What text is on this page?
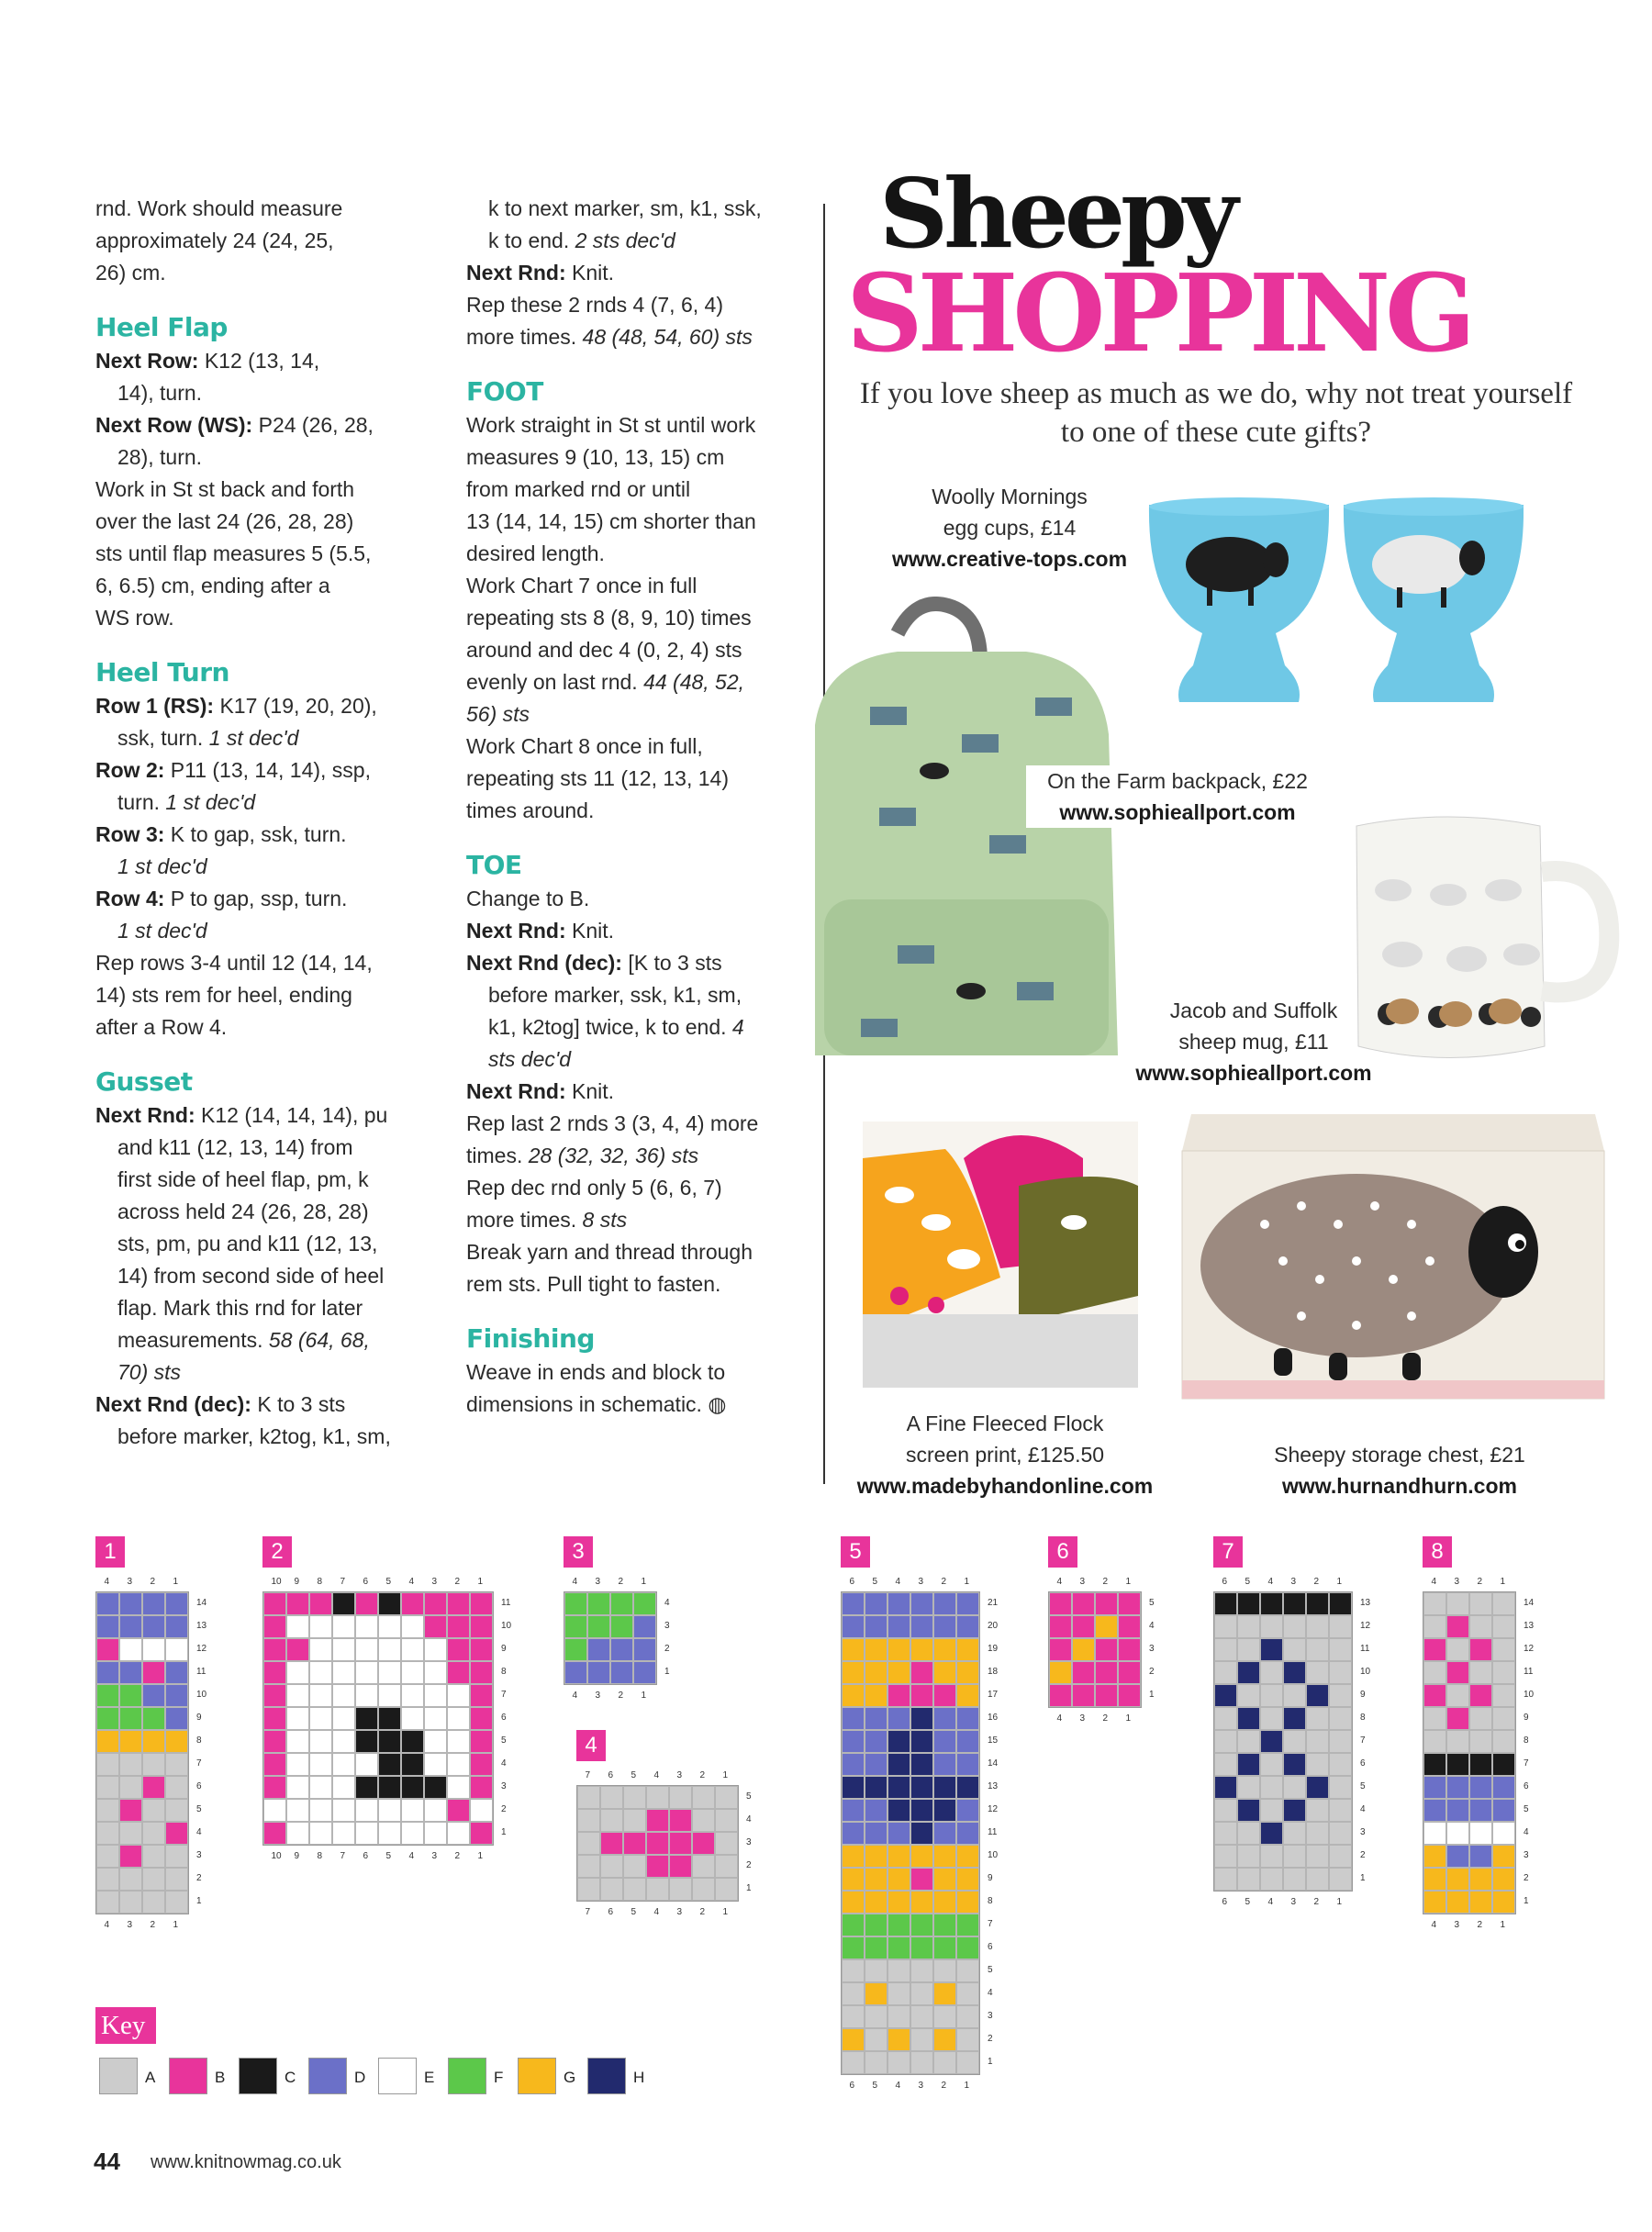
rnd. Work should measure
approximately 24 (24, 25,
26) cm.
Heel Flap
Next Row: K12 (13, 14,
14), turn.
Next Row (WS): P24 (26, 28,
28), turn.
Work in St st back and forth
over the last 24 (26, 28, 28)
sts until flap measures 5 (5.5,
6, 6.5) cm, ending after a
WS row.
Heel Turn
Row 1 (RS): K17 (19, 20, 20),
ssk, turn. 1 st dec'd
Row 2: P11 (13, 14, 14), ssp,
turn. 1 st dec'd
Row 3: K to gap, ssk, turn.
1 st dec'd
Row 4: P to gap, ssp, turn.
1 st dec'd
Rep rows 3-4 until 12 (14, 14,
14) sts rem for heel, ending
after a Row 4.
Gusset
Next Rnd: K12 (14, 14, 14), pu
and k11 (12, 13, 14) from
first side of heel flap, pm, k
across held 24 (26, 28, 28)
sts, pm, pu and k11 (12, 13,
14) from second side of heel
flap. Mark this rnd for later
measurements. 58 (64, 68,
70) sts
Next Rnd (dec): K to 3 sts
before marker, k2tog, k1, sm,
k to next marker, sm, k1, ssk,
k to end. 2 sts dec'd
Next Rnd: Knit.
Rep these 2 rnds 4 (7, 6, 4)
more times. 48 (48, 54, 60) sts
FOOT
Work straight in St st until work
measures 9 (10, 13, 15) cm
from marked rnd or until
13 (14, 14, 15) cm shorter than
desired length.
Work Chart 7 once in full
repeating sts 8 (8, 9, 10) times
around and dec 4 (0, 2, 4) sts
evenly on last rnd. 44 (48, 52,
56) sts
Work Chart 8 once in full,
repeating sts 11 (12, 13, 14)
times around.
TOE
Change to B.
Next Rnd: Knit.
Next Rnd (dec): [K to 3 sts
before marker, ssk, k1, sm,
k1, k2tog] twice, k to end. 4
sts dec'd
Next Rnd: Knit.
Rep last 2 rnds 3 (3, 4, 4) more
times. 28 (32, 32, 36) sts
Rep dec rnd only 5 (6, 6, 7)
more times. 8 sts
Break yarn and thread through
rem sts. Pull tight to fasten.
Finishing
Weave in ends and block to
dimensions in schematic. ◍
Sheepy
SHOPPING
If you love sheep as much as we do, why not treat yourself to one of these cute gifts?
Woolly Mornings
egg cups, £14
www.creative-tops.com
On the Farm backpack, £22
www.sophieallport.com
Jacob and Suffolk
sheep mug, £11
www.sophieallport.com
A Fine Fleeced Flock
screen print, £125.50
www.madebyhandonline.com
Sheepy storage chest, £21
www.hurnandhurn.com
1
4 3 2 1
14
13
12
11
10
9
8
7
6
5
4
3
2
1
4 3 2 1
2
10 9 8 7 6 5 4 3 2 1
11
10
9
8
7
6
5
4
3
2
1
10 9 8 7 6 5 4 3 2 1
3
4 3 2 1
4
3
2
1
4 3 2 1
4
7 6 5 4 3 2 1
5
4
3
2
1
7 6 5 4 3 2 1
5
6 5 4 3 2 1
21
20
19
18
17
16
15
14
13
12
11
10
9
8
7
6
5
4
3
2
1
6 5 4 3 2 1
6
4 3 2 1
5
4
3
2
1
4 3 2 1
7
6 5 4 3 2 1
13
12
11
10
9
8
7
6
5
4
3
2
1
6 5 4 3 2 1
8
4 3 2 1
14
13
12
11
10
9
8
7
6
5
4
3
2
1
4 3 2 1
Key
A	B	C	D	E	F	G	H
44 www.knitnowmag.co.uk
